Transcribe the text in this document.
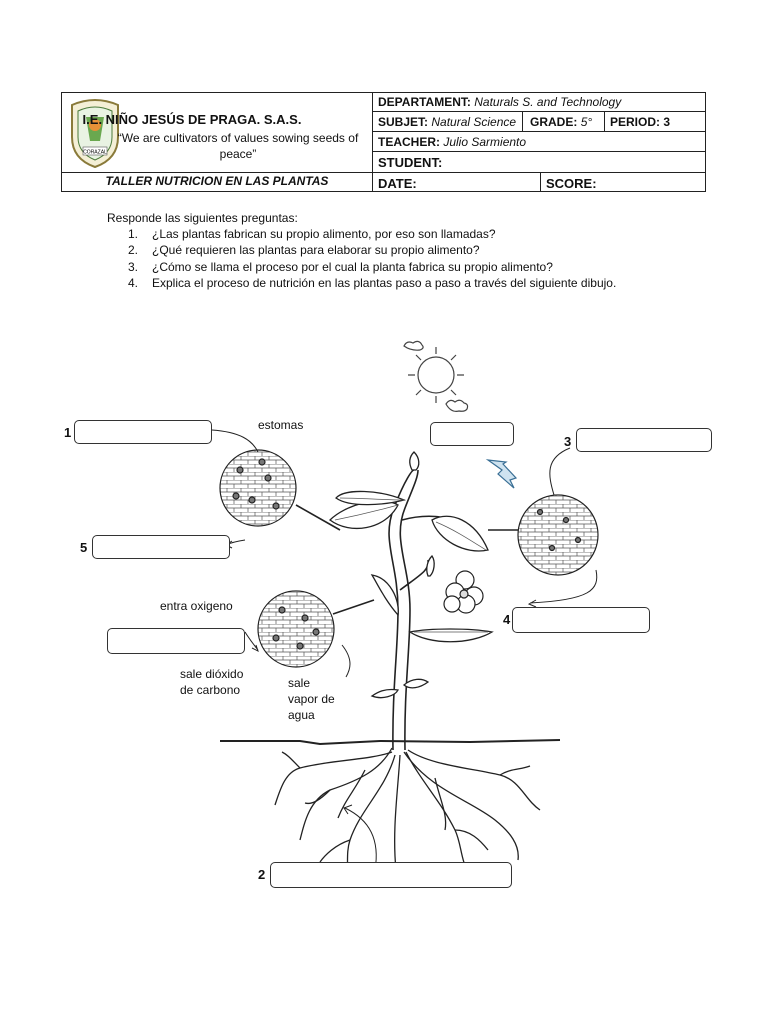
CORAZAL
I.E. NIÑO JESÚS DE PRAGA. S.A.S.
“We are cultivators of values sowing seeds of peace”
TALLER NUTRICION EN LAS PLANTAS
DEPARTAMENT: Naturals S. and Technology
SUBJET: Natural Science GRADE: 5° PERIOD: 3
TEACHER: Julio Sarmiento
STUDENT:
DATE:	SCORE:
Responde las siguientes preguntas:
1. ¿Las plantas fabrican su propio alimento, por eso son llamadas?
2. ¿Qué requieren las plantas para elaborar su propio alimento?
3. ¿Cómo se llama el proceso por el cual la planta fabrica su propio alimento?
4. Explica el proceso de nutrición en las plantas paso a paso a través del siguiente dibujo.
1
2
3
4
5
estomas
entra oxigeno
sale dióxido
de carbono	sale
vapor de
agua
